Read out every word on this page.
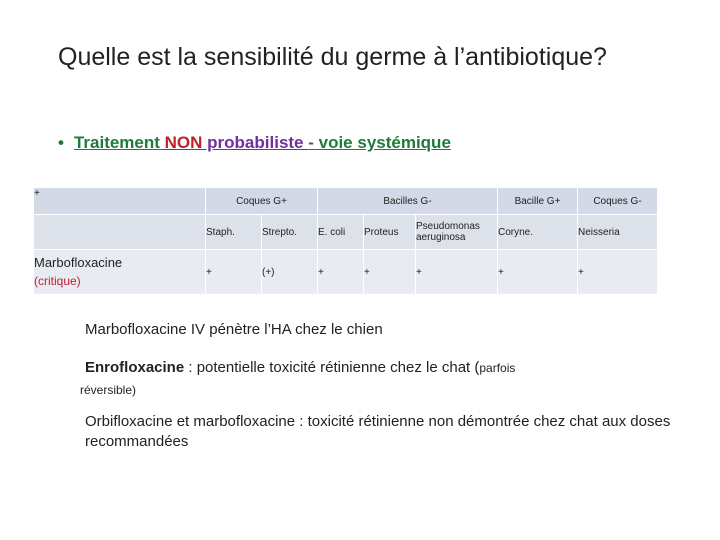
Quelle est la sensibilité du germe à l’antibiotique?
• Traitement NON probabiliste - voie systémique
+	Coques G+		Bacilles G-			Bacille G+	Coques G-
	Staph.	Strepto.	E. coli	Proteus	Pseudomonas aeruginosa	Coryne.	Neisseria

Marbofloxacine
(critique)	+	(+)	+	+	+	+	+
Marbofloxacine IV pénètre l’HA chez le chien
Enrofloxacine : potentielle toxicité rétinienne chez le chat (parfois
réversible)
Orbifloxacine et marbofloxacine : toxicité rétinienne non démontrée chez chat aux doses recommandées
